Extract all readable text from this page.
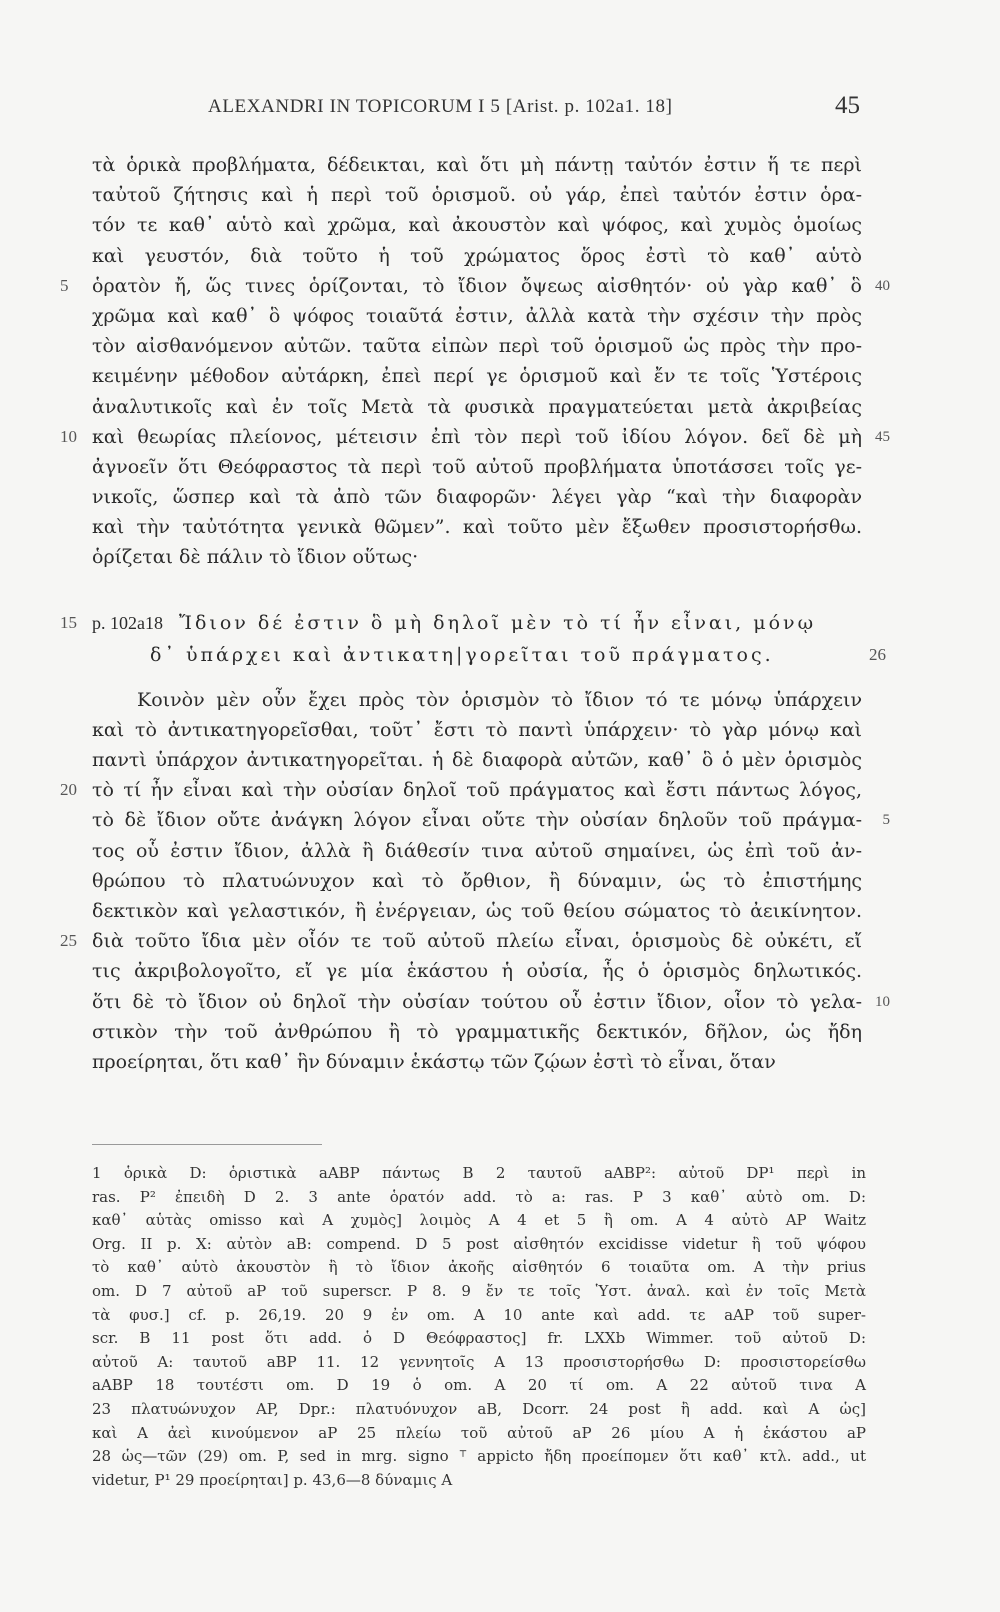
ALEXANDRI IN TOPICORUM I 5 [Arist. p. 102a1. 18]	45
τὰ ὁρικὰ προβλήματα, δέδεικται, καὶ ὅτι μὴ πάντῃ ταὐτόν ἐστιν ἥ τε περὶ
ταὐτοῦ ζήτησις καὶ ἡ περὶ τοῦ ὁρισμοῦ. οὐ γάρ, ἐπεὶ ταὐτόν ἐστιν ὁρα-
τόν τε καθ᾽ αὑτὸ καὶ χρῶμα, καὶ ἀκουστὸν καὶ ψόφος, καὶ χυμὸς ὁμοίως
καὶ γευστόν, διὰ τοῦτο ἡ τοῦ χρώματος ὅρος ἐστὶ τὸ καθ᾽ αὑτὸ
5 ὁρατὸν ἤ, ὥς τινες ὁρίζονται, τὸ ἴδιον ὄψεως αἰσθητόν· οὐ γὰρ καθ᾽ ὃ 40
χρῶμα καὶ καθ᾽ ὃ ψόφος τοιαῦτά ἐστιν, ἀλλὰ κατὰ τὴν σχέσιν τὴν πρὸς
τὸν αἰσθανόμενον αὐτῶν. ταῦτα εἰπὼν περὶ τοῦ ὁρισμοῦ ὡς πρὸς τὴν προ-
κειμένην μέθοδον αὐτάρκη, ἐπεὶ περί γε ὁρισμοῦ καὶ ἔν τε τοῖς Ὑστέροις
ἀναλυτικοῖς καὶ ἐν τοῖς Μετὰ τὰ φυσικὰ πραγματεύεται μετὰ ἀκριβείας
10 καὶ θεωρίας πλείονος, μέτεισιν ἐπὶ τὸν περὶ τοῦ ἰδίου λόγον. δεῖ δὲ μὴ 45
ἀγνοεῖν ὅτι Θεόφραστος τὰ περὶ τοῦ αὐτοῦ προβλήματα ὑποτάσσει τοῖς γε-
νικοῖς, ὥσπερ καὶ τὰ ἀπὸ τῶν διαφορῶν· λέγει γὰρ “καὶ τὴν διαφορὰν
καὶ τὴν ταὐτότητα γενικὰ θῶμεν”. καὶ τοῦτο μὲν ἔξωθεν προσιστορήσθω.
ὁρίζεται δὲ πάλιν τὸ ἴδιον οὕτως·
15 p. 102a18 Ἴδιον δέ ἐστιν ὃ μὴ δηλοῖ μὲν τὸ τί ἦν εἶναι, μόνῳ
δ᾽ ὑπάρχει καὶ ἀντικατη|γορεῖται τοῦ πράγματος.	26
Κοινὸν μὲν οὖν ἔχει πρὸς τὸν ὁρισμὸν τὸ ἴδιον τό τε μόνῳ ὑπάρχειν
καὶ τὸ ἀντικατηγορεῖσθαι, τοῦτ᾽ ἔστι τὸ παντὶ ὑπάρχειν· τὸ γὰρ μόνῳ καὶ
παντὶ ὑπάρχον ἀντικατηγορεῖται. ἡ δὲ διαφορὰ αὐτῶν, καθ᾽ ὃ ὁ μὲν ὁρισμὸς
20 τὸ τί ἦν εἶναι καὶ τὴν οὐσίαν δηλοῖ τοῦ πράγματος καὶ ἔστι πάντως λόγος,
τὸ δὲ ἴδιον οὔτε ἀνάγκη λόγον εἶναι οὔτε τὴν οὐσίαν δηλοῦν τοῦ πράγμα- 5
τος οὗ ἐστιν ἴδιον, ἀλλὰ ἢ διάθεσίν τινα αὐτοῦ σημαίνει, ὡς ἐπὶ τοῦ ἀν-
θρώπου τὸ πλατυώνυχον καὶ τὸ ὄρθιον, ἢ δύναμιν, ὡς τὸ ἐπιστήμης
δεκτικὸν καὶ γελαστικόν, ἢ ἐνέργειαν, ὡς τοῦ θείου σώματος τὸ ἀεικίνητον.
25 διὰ τοῦτο ἴδια μὲν οἷόν τε τοῦ αὐτοῦ πλείω εἶναι, ὁρισμοὺς δὲ οὐκέτι, εἴ
τις ἀκριβολογοῖτο, εἴ γε μία ἑκάστου ἡ οὐσία, ἧς ὁ ὁρισμὸς δηλωτικός.
ὅτι δὲ τὸ ἴδιον οὐ δηλοῖ τὴν οὐσίαν τούτου οὗ ἐστιν ἴδιον, οἷον τὸ γελα- 10
στικὸν τὴν τοῦ ἀνθρώπου ἢ τὸ γραμματικῆς δεκτικόν, δῆλον, ὡς ἤδη
προείρηται, ὅτι καθ᾽ ἣν δύναμιν ἑκάστῳ τῶν ζῴων ἐστὶ τὸ εἶναι, ὅταν
1 ὁρικὰ D: ὁριστικὰ aABP πάντως B 2 ταυτοῦ aABP²: αὐτοῦ DP¹ περὶ in
ras. P² ἐπειδὴ D 2. 3 ante ὁρατόν add. τὸ a: ras. P 3 καθ᾽ αὑτὸ om. D:
καθ᾽ αὑτὰς omisso καὶ A χυμὸς] λοιμὸς A 4 et 5 ἢ om. A 4 αὐτὸ AP Waitz
Org. II p. X: αὐτὸν aB: compend. D 5 post αἰσθητόν excidisse videtur ἢ τοῦ ψόφου
τὸ καθ᾽ αὑτὸ ἀκουστὸν ἢ τὸ ἴδιον ἀκοῆς αἰσθητόν 6 τοιαῦτα om. A τὴν prius
om. D 7 αὐτοῦ aP τοῦ superscr. P 8. 9 ἔν τε τοῖς Ὑστ. ἀναλ. καὶ ἐν τοῖς Μετὰ
τὰ φυσ.] cf. p. 26,19. 20 9 ἐν om. A 10 ante καὶ add. τε aAP τοῦ super-
scr. B 11 post ὅτι add. ὁ D Θεόφραστος] fr. LXXb Wimmer. τοῦ αὐτοῦ D:
αὐτοῦ A: ταυτοῦ aBP 11. 12 γεννητοῖς A 13 προσιστορήσθω D: προσιστορείσθω
aABP 18 τουτέστι om. D 19 ὁ om. A 20 τί om. A 22 αὐτοῦ τινα A
23 πλατυώνυχον AP, Dpr.: πλατυόνυχον aB, Dcorr. 24 post ἢ add. καὶ A ὡς]
καὶ A ἀεὶ κινούμενον aP 25 πλείω τοῦ αὐτοῦ aP 26 μίου A ἡ ἑκάστου aP
28 ὡς—τῶν (29) om. P, sed in mrg. signo ⸆ appicto ἤδη προείπομεν ὅτι καθ᾽ κτλ. add., ut
videtur, P¹ 29 προείρηται] p. 43,6—8 δύναμις A
